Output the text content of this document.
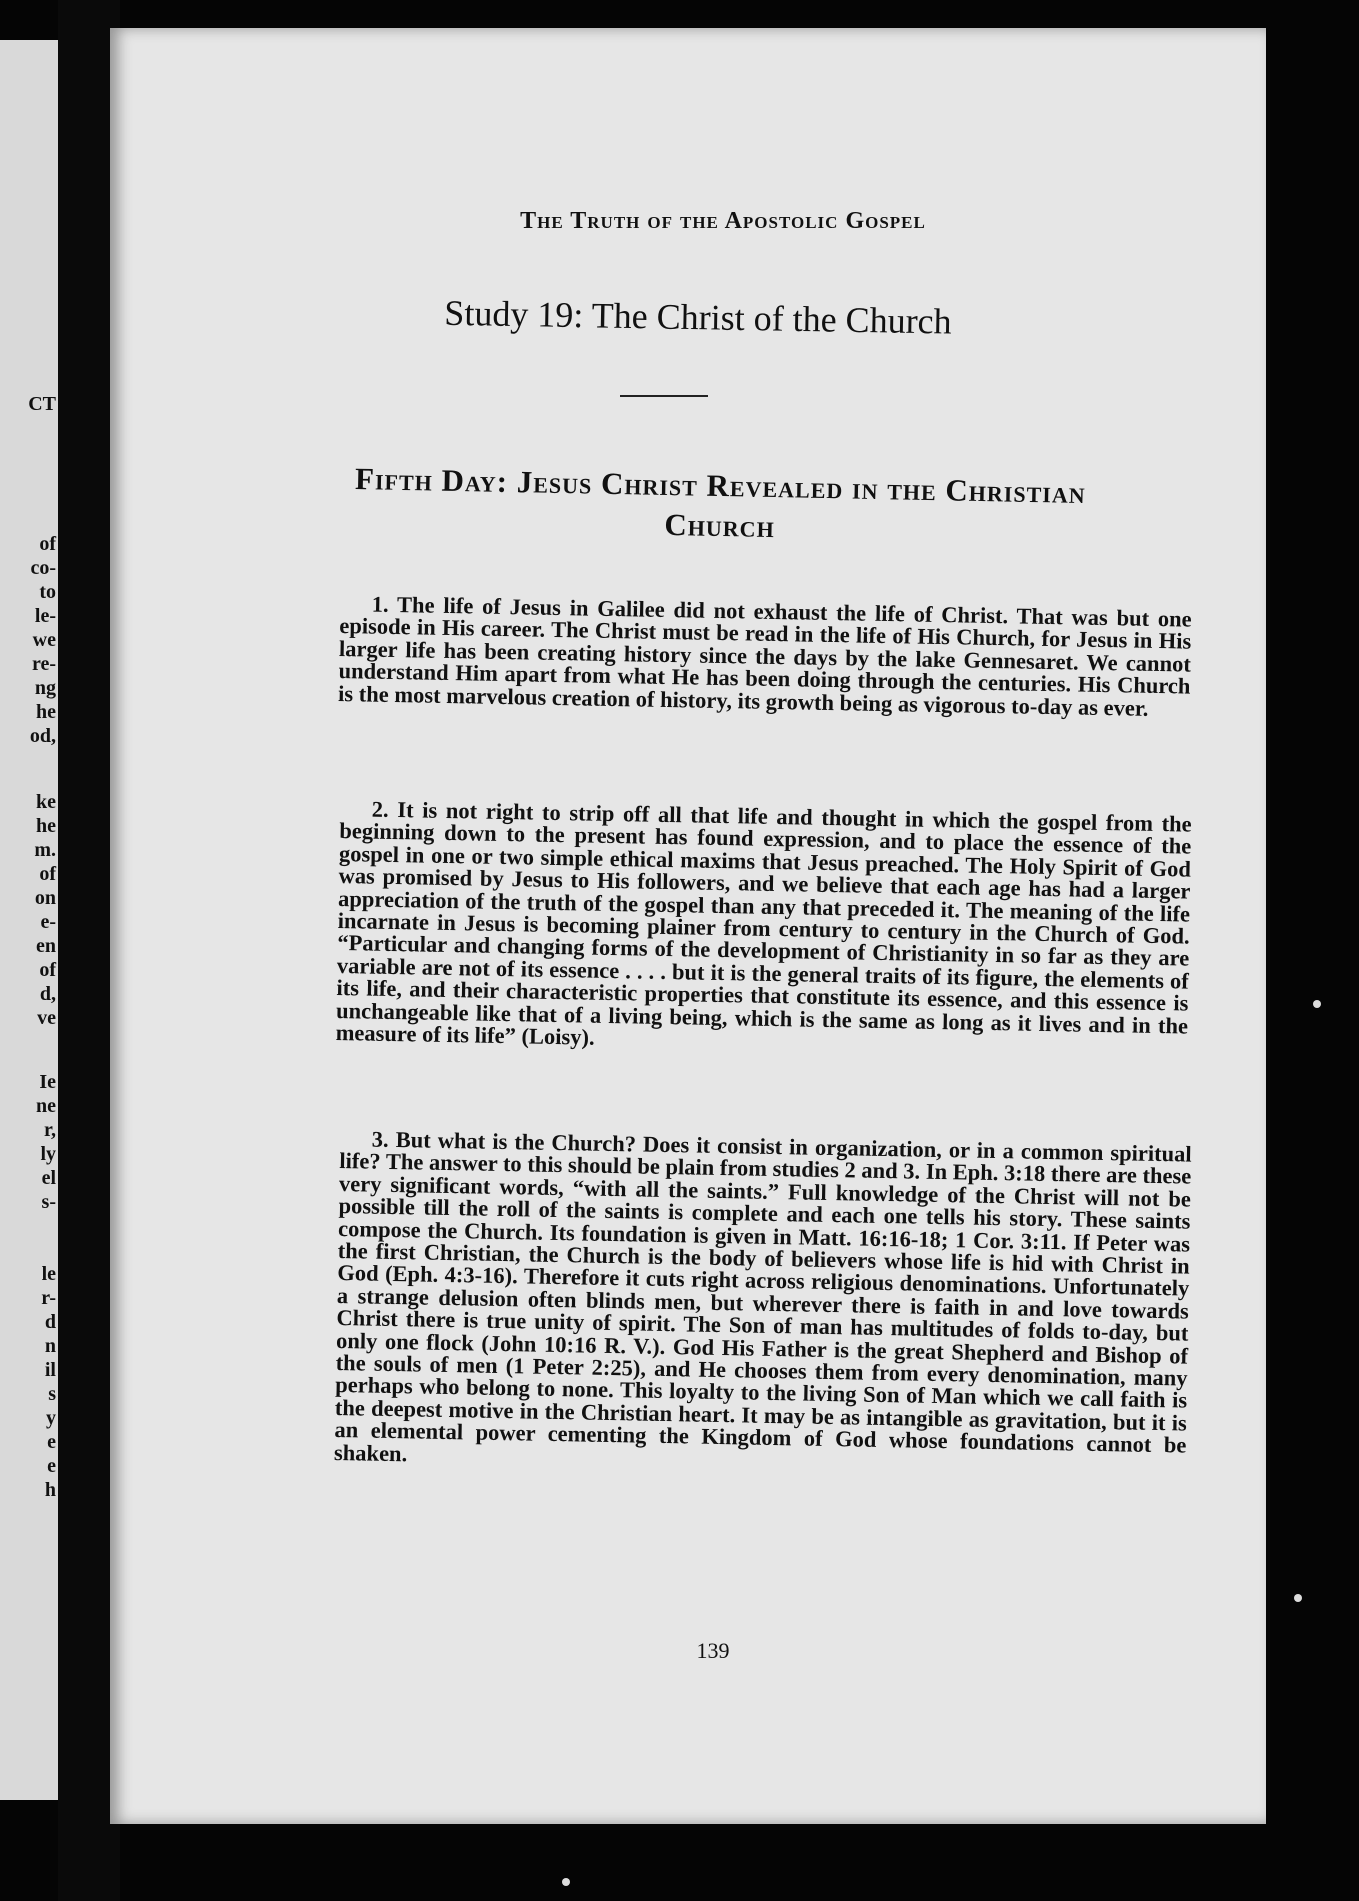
CT
of
co-
to
le-
we
re-
ng
he
od,
ke
he
m.
of
on
e-
en
of
d,
ve
Ie
ne
r,
ly
el
s-
le
r-
d
n
il
s
y
e
e
h
The Truth of the Apostolic Gospel
Study 19: The Christ of the Church
Fifth Day: Jesus Christ Revealed in the Christian
Church

1. The life of Jesus in Galilee did not exhaust the life of Christ. That was but one episode in His career. The Christ must be read in the life of His Church, for Jesus in His larger life has been creating history since the days by the lake Gennesaret. We cannot understand Him apart from what He has been doing through the centuries. His Church is the most marvelous creation of history, its growth being as vigorous to-day as ever.

2. It is not right to strip off all that life and thought in which the gospel from the beginning down to the present has found expression, and to place the essence of the gospel in one or two simple ethical maxims that Jesus preached. The Holy Spirit of God was promised by Jesus to His followers, and we believe that each age has had a larger appreciation of the truth of the gospel than any that preceded it. The meaning of the life incarnate in Jesus is becoming plainer from century to century in the Church of God. “Particular and changing forms of the development of Christianity in so far as they are variable are not of its essence . . . . but it is the general traits of its figure, the elements of its life, and their characteristic properties that constitute its essence, and this essence is unchangeable like that of a living being, which is the same as long as it lives and in the measure of its life” (Loisy).

3. But what is the Church? Does it consist in organization, or in a common spiritual life? The answer to this should be plain from studies 2 and 3. In Eph. 3:18 there are these very significant words, “with all the saints.” Full knowledge of the Christ will not be possible till the roll of the saints is complete and each one tells his story. These saints compose the Church. Its foundation is given in Matt. 16:16-18; 1 Cor. 3:11. If Peter was the first Christian, the Church is the body of believers whose life is hid with Christ in God (Eph. 4:3-16). Therefore it cuts right across religious denominations. Unfortunately a strange delusion often blinds men, but wherever there is faith in and love towards Christ there is true unity of spirit. The Son of man has multitudes of folds to-day, but only one flock (John 10:16 R. V.). God His Father is the great Shepherd and Bishop of the souls of men (1 Peter 2:25), and He chooses them from every denomination, many perhaps who belong to none. This loyalty to the living Son of Man which we call faith is the deepest motive in the Christian heart. It may be as intangible as gravitation, but it is an elemental power cementing the Kingdom of God whose foundations cannot be shaken.

139
